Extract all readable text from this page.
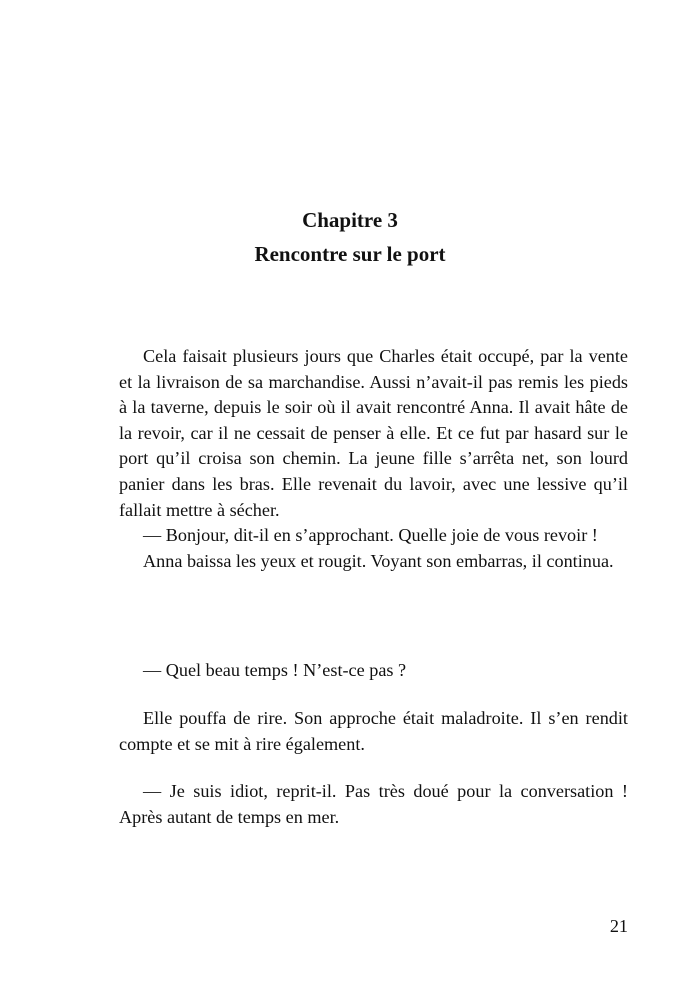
Chapitre 3
Rencontre sur le port

Cela faisait plusieurs jours que Charles était occupé, par la vente et la livraison de sa marchandise. Aussi n’avait-il pas remis les pieds à la taverne, depuis le soir où il avait rencontré Anna. Il avait hâte de la revoir, car il ne cessait de penser à elle. Et ce fut par hasard sur le port qu’il croisa son chemin. La jeune fille s’arrêta net, son lourd panier dans les bras. Elle revenait du lavoir, avec une lessive qu’il fallait mettre à sécher.

— Bonjour, dit-il en s’approchant. Quelle joie de vous revoir !

Anna baissa les yeux et rougit. Voyant son embarras, il continua.

— Quel beau temps ! N’est-ce pas ?

Elle pouffa de rire. Son approche était maladroite. Il s’en rendit compte et se mit à rire également.

— Je suis idiot, reprit-il. Pas très doué pour la conversation ! Après autant de temps en mer.

21
